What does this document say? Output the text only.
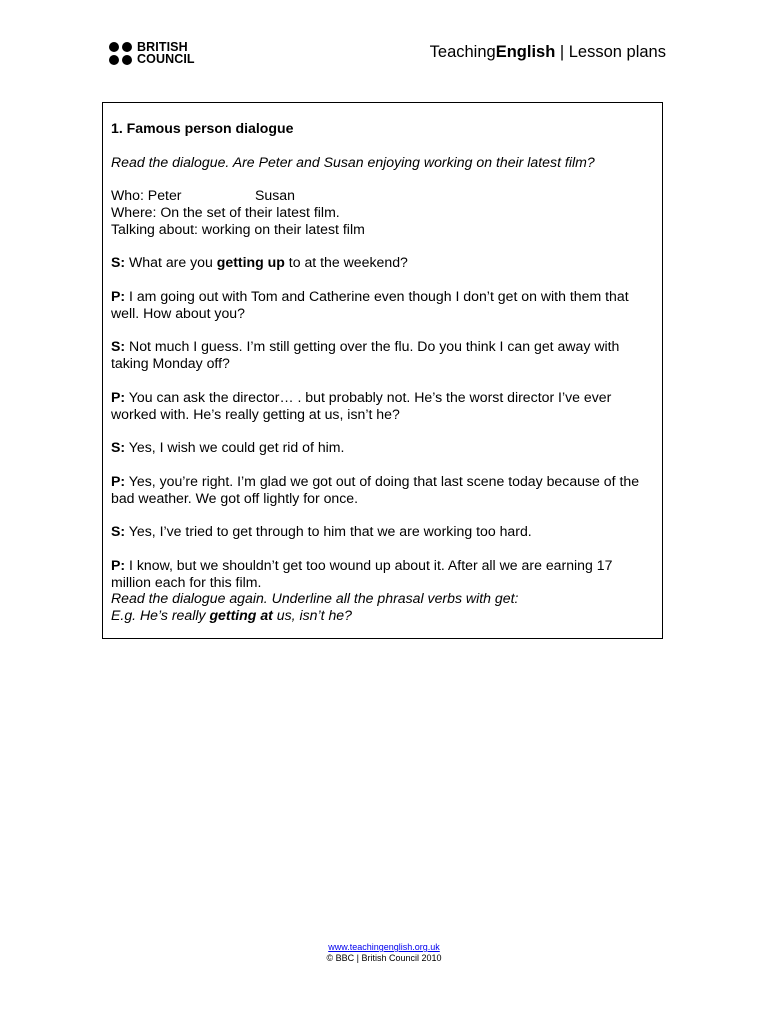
BRITISH
COUNCIL	TeachingEnglish | Lesson plans

1. Famous person dialogue

Read the dialogue. Are Peter and Susan enjoying working on their latest film?

Who: Peter	Susan

Where: On the set of their latest film.

Talking about: working on their latest film

S: What are you getting up to at the weekend?

P: I am going out with Tom and Catherine even though I don’t get on with them that well. How about you?

S: Not much I guess. I’m still getting over the flu. Do you think I can get away with taking Monday off?

P: You can ask the director… . but probably not. He’s the worst director I’ve ever worked with. He’s really getting at us, isn’t he?

S: Yes, I wish we could get rid of him.

P: Yes, you’re right. I’m glad we got out of doing that last scene today because of the bad weather. We got off lightly for once.

S: Yes, I’ve tried to get through to him that we are working too hard.

P: I know, but we shouldn’t get too wound up about it. After all we are earning 17 million each for this film.

Read the dialogue again. Underline all the phrasal verbs with get:

E.g. He’s really getting at us, isn’t he?

www.teachingenglish.org.uk
© BBC | British Council 2010
